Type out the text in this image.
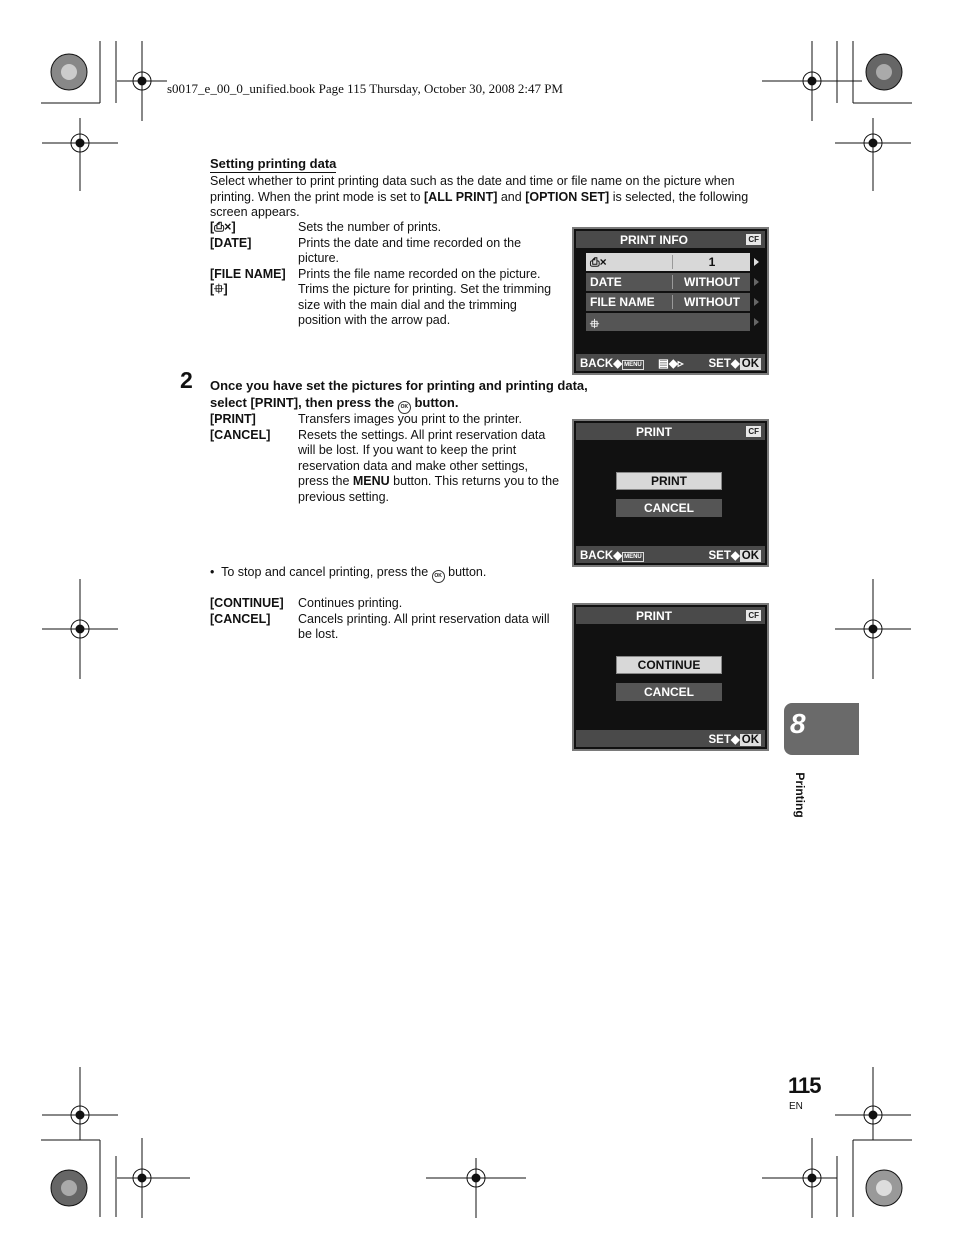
s0017_e_00_0_unified.book Page 115 Thursday, October 30, 2008 2:47 PM
Setting printing data
Select whether to print printing data such as the date and time or file name on the picture when printing. When the print mode is set to [ALL PRINT] and [OPTION SET] is selected, the following screen appears.
[⎙×]	Sets the number of prints.
[DATE]	Prints the date and time recorded on the picture.
[FILE NAME] Prints the file name recorded on the picture.
[⯐]	Trims the picture for printing. Set the trimming size with the main dial and the trimming position with the arrow pad.
PRINT INFO	CF
⎙×	1
DATE	WITHOUT
FILE NAME	WITHOUT
⯐
BACK◆ MENU ▤◆▹ SET◆ OK
2 Once you have set the pictures for printing and printing data, select [PRINT], then press the OK button.
[PRINT]	Transfers images you print to the printer.
[CANCEL]	Resets the settings. All print reservation data will be lost. If you want to keep the print reservation data and make other settings, press the MENU button. This returns you to the previous setting.
PRINT	CF
PRINT
CANCEL
BACK◆ MENU	SET◆ OK
•  To stop and cancel printing, press the OK button.
[CONTINUE]	Continues printing.
[CANCEL]	Cancels printing. All print reservation data will be lost.
PRINT	CF
CONTINUE
CANCEL
SET◆ OK
8
Printing
115
EN
